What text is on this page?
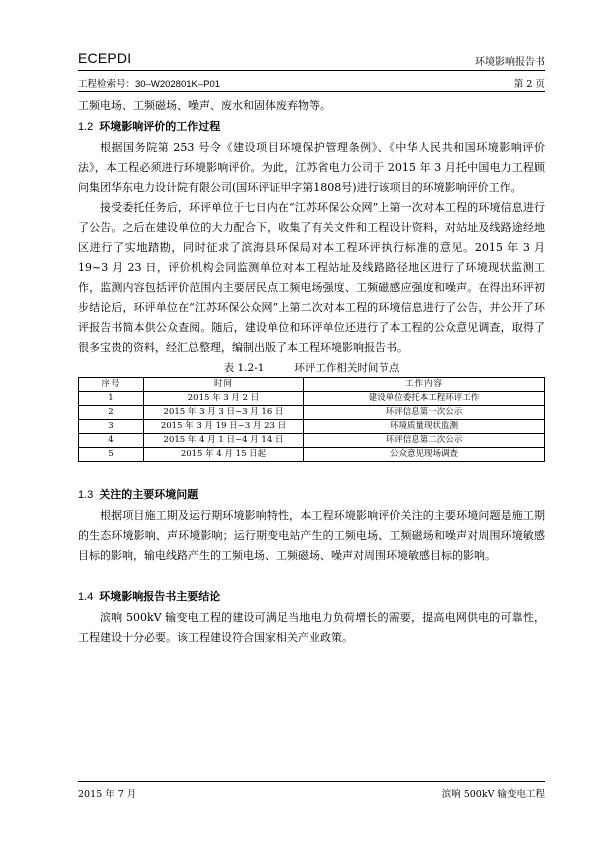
ECEPDI	环境影响报告书
工程检索号：30–W202801K–P01	第 2 页

工频电场、工频磁场、噪声、废水和固体废弃物等。

1.2 环境影响评价的工作过程

根据国务院第 253 号令《建设项目环境保护管理条例》、《中华人民共和国环境影响评价法》，本工程必须进行环境影响评价。为此，江苏省电力公司于 2015 年 3 月托中国电力工程顾问集团华东电力设计院有限公司(国环评证甲字第1808号)进行该项目的环境影响评价工作。

接受委托任务后，环评单位于七日内在“江苏环保公众网”上第一次对本工程的环境信息进行了公告。之后在建设单位的大力配合下，收集了有关文件和工程设计资料，对站址及线路途经地区进行了实地踏勘，同时征求了滨海县环保局对本工程环评执行标准的意见。2015 年 3 月 19~3 月 23 日，评价机构会同监测单位对本工程站址及线路路径地区进行了环境现状监测工作，监测内容包括评价范围内主要居民点工频电场强度、工频磁感应强度和噪声。在得出环评初步结论后，环评单位在“江苏环保公众网”上第二次对本工程的环境信息进行了公告，并公开了环评报告书简本供公众查阅。随后，建设单位和环评单位还进行了本工程的公众意见调查，取得了很多宝贵的资料，经汇总整理，编制出版了本工程环境影响报告书。

表 1.2-1	环评工作相关时间节点
序号	时间	工作内容
1	2015 年 3 月 2 日	建设单位委托本工程环评工作
2	2015 年 3 月 3 日~3 月 16 日	环评信息第一次公示
3	2015 年 3 月 19 日~3 月 23 日	环境质量现状监测
4	2015 年 4 月 1 日~4 月 14 日	环评信息第二次公示
5	2015 年 4 月 15 日起	公众意见现场调查
1.3 关注的主要环境问题

根据项目施工期及运行期环境影响特性，本工程环境影响评价关注的主要环境问题是施工期的生态环境影响、声环境影响；运行期变电站产生的工频电场、工频磁场和噪声对周围环境敏感目标的影响，输电线路产生的工频电场、工频磁场、噪声对周围环境敏感目标的影响。

1.4 环境影响报告书主要结论

滨响 500kV 输变电工程的建设可满足当地电力负荷增长的需要，提高电网供电的可靠性，工程建设十分必要。该工程建设符合国家相关产业政策。

2015 年 7 月	滨响 500kV 输变电工程
